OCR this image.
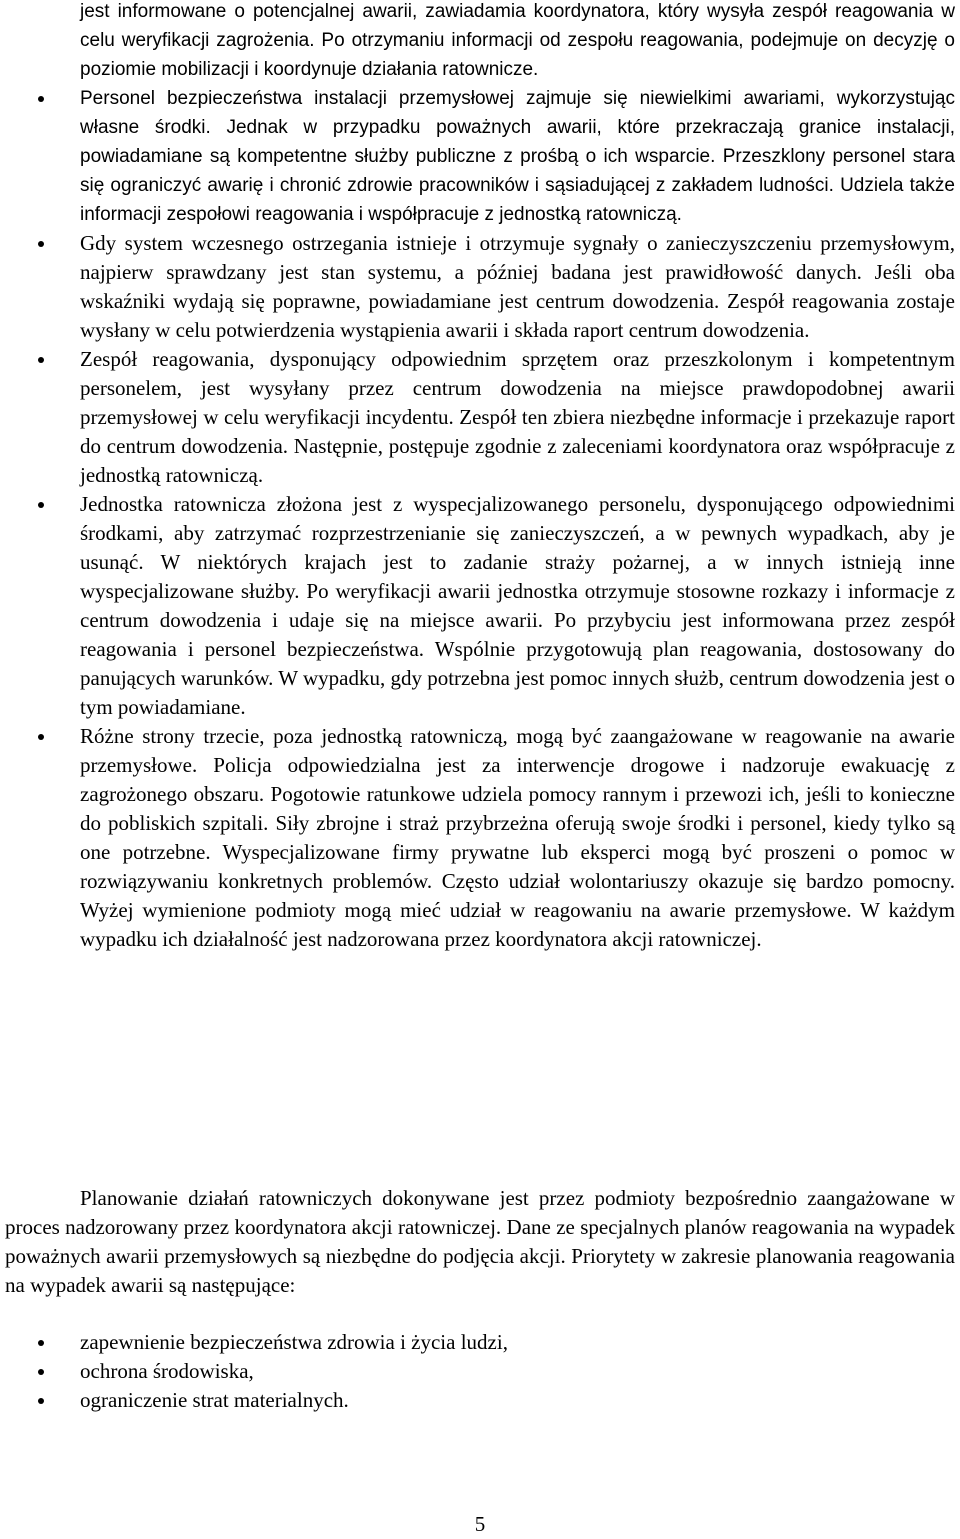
jest informowane o potencjalnej awarii, zawiadamia koordynatora, który wysyła zespół reagowania w celu weryfikacji zagrożenia. Po otrzymaniu informacji od zespołu reagowania, podejmuje on decyzję o poziomie mobilizacji i koordynuje działania ratownicze.
Personel bezpieczeństwa instalacji przemysłowej zajmuje się niewielkimi awariami, wykorzystując własne środki. Jednak w przypadku poważnych awarii, które przekraczają granice instalacji, powiadamiane są kompetentne służby publiczne z prośbą o ich wsparcie. Przeszklony personel stara się ograniczyć awarię i chronić zdrowie pracowników i sąsiadującej z zakładem ludności. Udziela także informacji zespołowi reagowania i współpracuje z jednostką ratowniczą.
Gdy system wczesnego ostrzegania istnieje i otrzymuje sygnały o zanieczyszczeniu przemysłowym, najpierw sprawdzany jest stan systemu, a później badana jest prawidłowość danych. Jeśli oba wskaźniki wydają się poprawne, powiadamiane jest centrum dowodzenia. Zespół reagowania zostaje wysłany w celu potwierdzenia wystąpienia awarii i składa raport centrum dowodzenia.
Zespół reagowania, dysponujący odpowiednim sprzętem oraz przeszkolonym i kompetentnym personelem, jest wysyłany przez centrum dowodzenia na miejsce prawdopodobnej awarii przemysłowej w celu weryfikacji incydentu. Zespół ten zbiera niezbędne informacje i przekazuje raport do centrum dowodzenia. Następnie, postępuje zgodnie z zaleceniami koordynatora oraz współpracuje z jednostką ratowniczą.
Jednostka ratownicza złożona jest z wyspecjalizowanego personelu, dysponującego odpowiednimi środkami, aby zatrzymać rozprzestrzenianie się zanieczyszczeń, a w pewnych wypadkach, aby je usunąć. W niektórych krajach jest to zadanie straży pożarnej, a w innych istnieją inne wyspecjalizowane służby. Po weryfikacji awarii jednostka otrzymuje stosowne rozkazy i informacje z centrum dowodzenia i udaje się na miejsce awarii. Po przybyciu jest informowana przez zespół reagowania i personel bezpieczeństwa. Wspólnie przygotowują plan reagowania, dostosowany do panujących warunków. W wypadku, gdy potrzebna jest pomoc innych służb, centrum dowodzenia jest o tym powiadamiane.
Różne strony trzecie, poza jednostką ratowniczą, mogą być zaangażowane w reagowanie na awarie przemysłowe. Policja odpowiedzialna jest za interwencje drogowe i nadzoruje ewakuację z zagrożonego obszaru. Pogotowie ratunkowe udziela pomocy rannym i przewozi ich, jeśli to konieczne do pobliskich szpitali. Siły zbrojne i straż przybrzeżna oferują swoje środki i personel, kiedy tylko są one potrzebne. Wyspecjalizowane firmy prywatne lub eksperci mogą być proszeni o pomoc w rozwiązywaniu konkretnych problemów. Często udział wolontariuszy okazuje się bardzo pomocny. Wyżej wymienione podmioty mogą mieć udział w reagowaniu na awarie przemysłowe. W każdym wypadku ich działalność jest nadzorowana przez koordynatora akcji ratowniczej.

Planowanie działań ratowniczych dokonywane jest przez podmioty bezpośrednio zaangażowane w proces nadzorowany przez koordynatora akcji ratowniczej. Dane ze specjalnych planów reagowania na wypadek poważnych awarii przemysłowych są niezbędne do podjęcia akcji. Priorytety w zakresie planowania reagowania na wypadek awarii są następujące:

zapewnienie bezpieczeństwa zdrowia i życia ludzi,
ochrona środowiska,
ograniczenie strat materialnych.
5
